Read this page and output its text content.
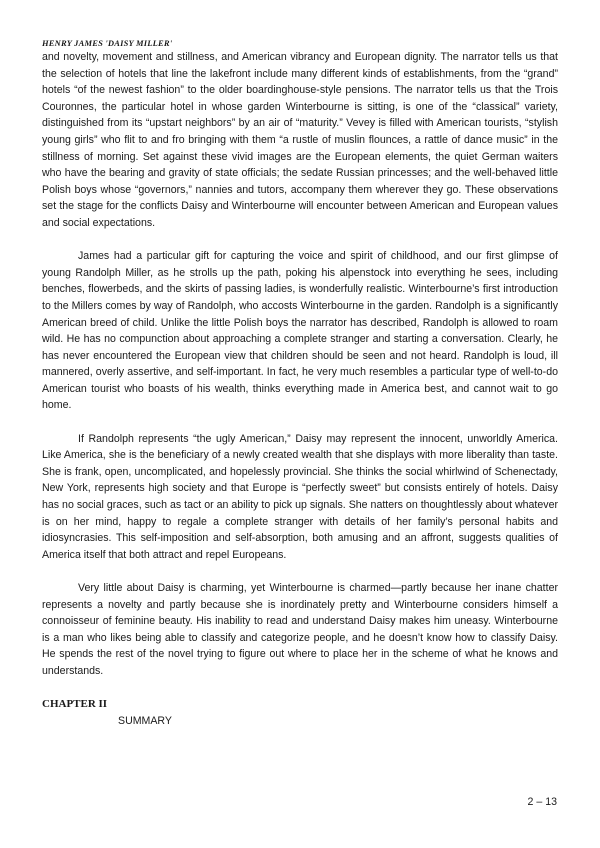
HENRY JAMES 'DAISY MILLER'

and novelty, movement and stillness, and American vibrancy and European dignity. The narrator tells us that the selection of hotels that line the lakefront include many different kinds of establishments, from the “grand” hotels “of the newest fashion” to the older boardinghouse-style pensions. The narrator tells us that the Trois Couronnes, the particular hotel in whose garden Winterbourne is sitting, is one of the “classical” variety, distinguished from its “upstart neighbors” by an air of “maturity.” Vevey is filled with American tourists, “stylish young girls” who flit to and fro bringing with them “a rustle of muslin flounces, a rattle of dance music” in the stillness of morning. Set against these vivid images are the European elements, the quiet German waiters who have the bearing and gravity of state officials; the sedate Russian princesses; and the well-behaved little Polish boys whose “governors,” nannies and tutors, accompany them wherever they go. These observations set the stage for the conflicts Daisy and Winterbourne will encounter between American and European values and social expectations.

James had a particular gift for capturing the voice and spirit of childhood, and our first glimpse of young Randolph Miller, as he strolls up the path, poking his alpenstock into everything he sees, including benches, flowerbeds, and the skirts of passing ladies, is wonderfully realistic. Winterbourne’s first introduction to the Millers comes by way of Randolph, who accosts Winterbourne in the garden. Randolph is a significantly American breed of child. Unlike the little Polish boys the narrator has described, Randolph is allowed to roam wild. He has no compunction about approaching a complete stranger and starting a conversation. Clearly, he has never encountered the European view that children should be seen and not heard. Randolph is loud, ill mannered, overly assertive, and self-important. In fact, he very much resembles a particular type of well-to-do American tourist who boasts of his wealth, thinks everything made in America best, and cannot wait to go home.

If Randolph represents “the ugly American,” Daisy may represent the innocent, unworldly America. Like America, she is the beneficiary of a newly created wealth that she displays with more liberality than taste. She is frank, open, uncomplicated, and hopelessly provincial. She thinks the social whirlwind of Schenectady, New York, represents high society and that Europe is “perfectly sweet” but consists entirely of hotels. Daisy has no social graces, such as tact or an ability to pick up signals. She natters on thoughtlessly about whatever is on her mind, happy to regale a complete stranger with details of her family’s personal habits and idiosyncrasies. This self-imposition and self-absorption, both amusing and an affront, suggests qualities of America itself that both attract and repel Europeans.

Very little about Daisy is charming, yet Winterbourne is charmed—partly because her inane chatter represents a novelty and partly because she is inordinately pretty and Winterbourne considers himself a connoisseur of feminine beauty. His inability to read and understand Daisy makes him uneasy. Winterbourne is a man who likes being able to classify and categorize people, and he doesn’t know how to classify Daisy. He spends the rest of the novel trying to figure out where to place her in the scheme of what he knows and understands.

CHAPTER II
SUMMARY
2 – 13
